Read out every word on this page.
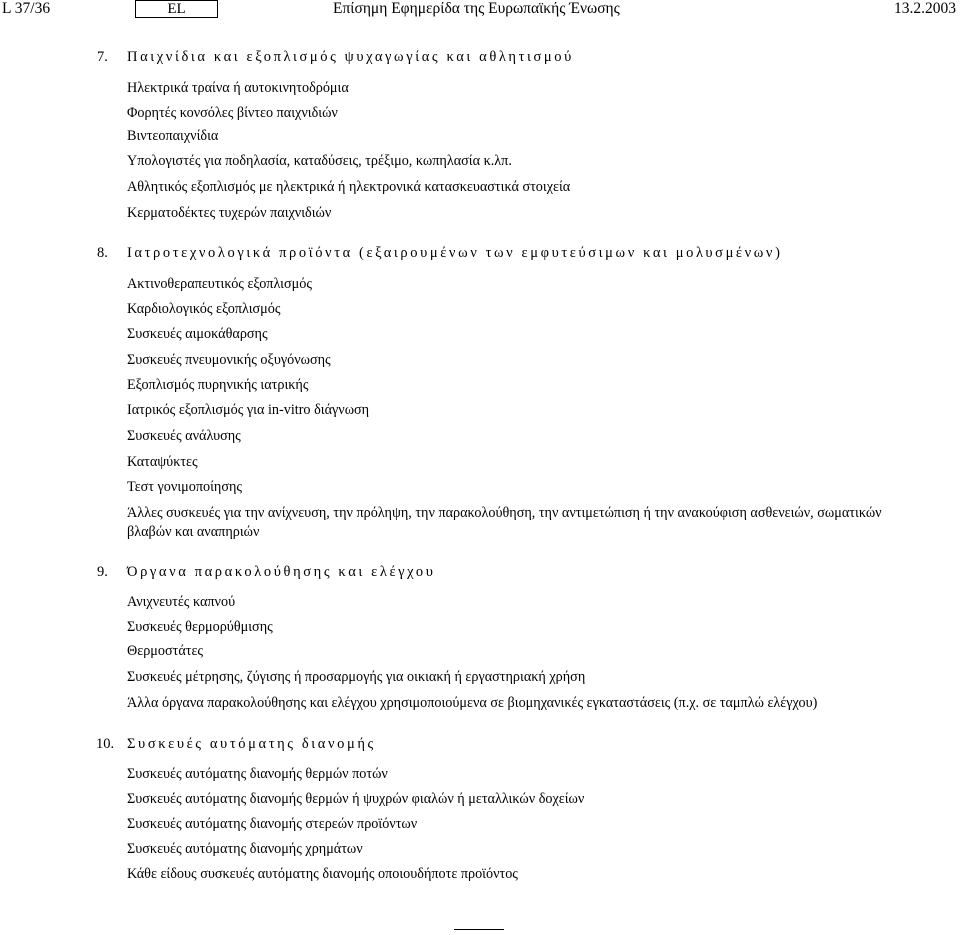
L 37/36	EL	Επίσημη Εφημερίδα της Ευρωπαϊκής Ένωσης	13.2.2003
7. Παιχνίδια και εξοπλισμός ψυχαγωγίας και αθλητισμού
Ηλεκτρικά τραίνα ή αυτοκινητοδρόμια
Φορητές κονσόλες βίντεο παιχνιδιών
Βιντεοπαιχνίδια
Υπολογιστές για ποδηλασία, καταδύσεις, τρέξιμο, κωπηλασία κ.λπ.
Αθλητικός εξοπλισμός με ηλεκτρικά ή ηλεκτρονικά κατασκευαστικά στοιχεία
Κερματοδέκτες τυχερών παιχνιδιών
8. Ιατροτεχνολογικά προϊόντα (εξαιρουμένων των εμφυτεύσιμων και μολυσμένων)
Ακτινοθεραπευτικός εξοπλισμός
Καρδιολογικός εξοπλισμός
Συσκευές αιμοκάθαρσης
Συσκευές πνευμονικής οξυγόνωσης
Εξοπλισμός πυρηνικής ιατρικής
Ιατρικός εξοπλισμός για in-vitro διάγνωση
Συσκευές ανάλυσης
Καταψύκτες
Τεστ γονιμοποίησης
Άλλες συσκευές για την ανίχνευση, την πρόληψη, την παρακολούθηση, την αντιμετώπιση ή την ανακούφιση ασθενειών, σωματικών βλαβών και αναπηριών
9. Όργανα παρακολούθησης και ελέγχου
Ανιχνευτές καπνού
Συσκευές θερμορύθμισης
Θερμοστάτες
Συσκευές μέτρησης, ζύγισης ή προσαρμογής για οικιακή ή εργαστηριακή χρήση
Άλλα όργανα παρακολούθησης και ελέγχου χρησιμοποιούμενα σε βιομηχανικές εγκαταστάσεις (π.χ. σε ταμπλώ ελέγχου)
10. Συσκευές αυτόματης διανομής
Συσκευές αυτόματης διανομής θερμών ποτών
Συσκευές αυτόματης διανομής θερμών ή ψυχρών φιαλών ή μεταλλικών δοχείων
Συσκευές αυτόματης διανομής στερεών προϊόντων
Συσκευές αυτόματης διανομής χρημάτων
Κάθε είδους συσκευές αυτόματης διανομής οποιουδήποτε προϊόντος
